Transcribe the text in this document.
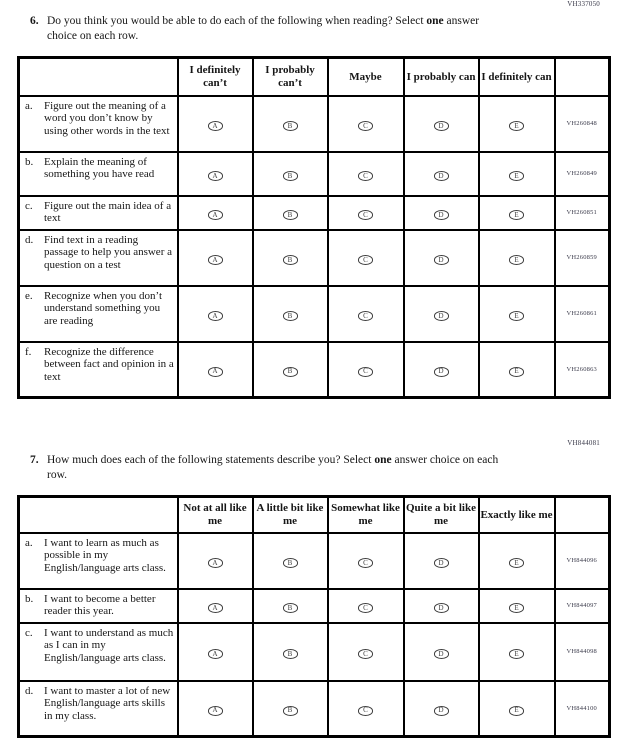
VH337050
6. Do you think you would be able to do each of the following when reading? Select one answer choice on each row.
	I definitely can’t	I probably can’t	Maybe	I probably can	I definitely can	

a. Figure out the meaning of a word you don’t know by using other words in the text	A	B	C	D	E	VH260848

b. Explain the meaning of something you have read	A	B	C	D	E	VH260849

c. Figure out the main idea of a text	A	B	C	D	E	VH260851

d. Find text in a reading passage to help you answer a question on a test	A	B	C	D	E	VH260859

e. Recognize when you don’t understand something you are reading	A	B	C	D	E	VH260861

f. Recognize the difference between fact and opinion in a text	A	B	C	D	E	VH260863
VH844081
7. How much does each of the following statements describe you? Select one answer choice on each row.
	Not at all like me	A little bit like me	Somewhat like me	Quite a bit like me	Exactly like me	

a. I want to learn as much as possible in my English/language arts class.	A	B	C	D	E	VH844096

b. I want to become a better reader this year.	A	B	C	D	E	VH844097

c. I want to understand as much as I can in my English/language arts class.	A	B	C	D	E	VH844098

d. I want to master a lot of new English/language arts skills in my class.	A	B	C	D	E	VH844100
